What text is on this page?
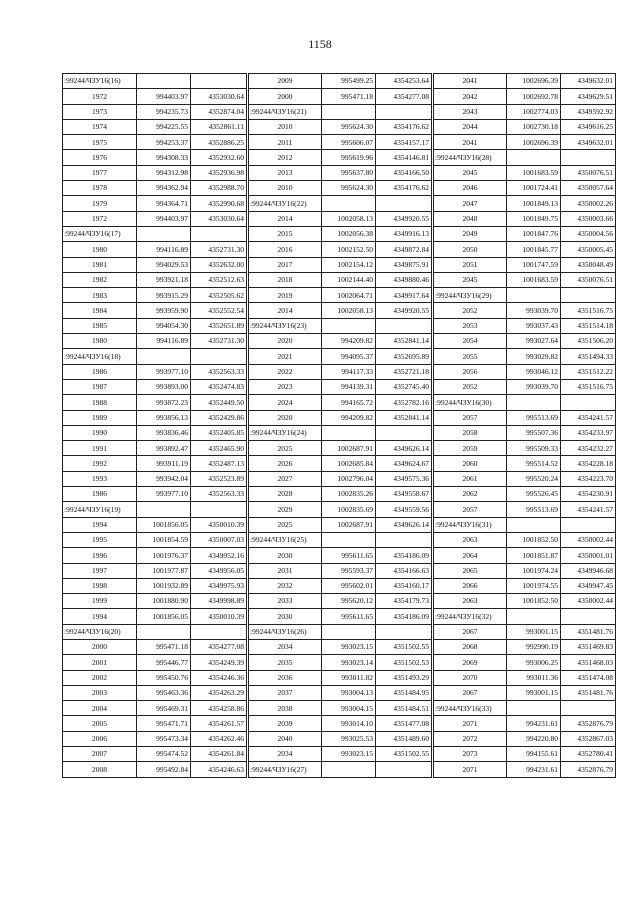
1158
:99244/ЧЗУ16(16)			2009	995499.25	4354253.64	2041	1002696.39	4349632.01
1972	994403.97	4353030.64	2000	995471.18	4354277.08	2042	1002692.78	4349629.51
1973	994235.73	4352874.04	:99244/ЧЗУ16(21)			2043	1002774.03	4349592.92
1974	994225.55	4352861.11	2010	995624.30	4354176.62	2044	1002730.18	4349616.25
1975	994253.37	4352886.25	2011	995606.07	4354157.17	2041	1002696.39	4349632.01
1976	994308.33	4352932.60	2012	995619.96	4354146.81	:99244/ЧЗУ16(28)		
1977	994312.98	4352936.98	2013	995637.80	4354166.50	2045	1001683.59	4350076.51
1978	994362.94	4352988.70	2010	995624.30	4354176.62	2046	1001724.41	4350057.64
1979	994364.71	4352990.68	:99244/ЧЗУ16(22)			2047	1001849.13	4350002.26
1972	994403.97	4353030.64	2014	1002058.13	4349920.55	2048	1001849.75	4350003.66
:99244/ЧЗУ16(17)			2015	1002056.38	4349916.13	2049	1001847.76	4350004.56
1980	994116.89	4352731.30	2016	1002152.50	4349872.84	2050	1001845.77	4350005.45
1981	994029.53	4352632.00	2017	1002154.12	4349875.91	2051	1001747.59	4350048.49
1982	993921.18	4352512.63	2018	1002144.40	4349880.46	2045	1001683.59	4350076.51
1983	993915.29	4352505.62	2019	1002064.71	4349917.64	:99244/ЧЗУ16(29)		
1984	993959.90	4352552.54	2014	1002058.13	4349920.55	2052	993039.70	4351516.75
1985	994054.30	4352651.89	:99244/ЧЗУ16(23)			2053	993037.43	4351514.18
1980	994116.89	4352731.30	2020	994209.82	4352841.14	2054	993027.64	4351506.20
:99244/ЧЗУ16(18)			2021	994095.37	4352695.89	2055	993029.82	4351494.33
1986	993977.10	4352563.33	2022	994117.33	4352721.18	2056	993046.12	4351512.22
1987	993893.00	4352474.83	2023	994139.31	4352745.40	2052	993039.70	4351516.75
1988	993872.23	4352449.50	2024	994165.72	4352782.16	:99244/ЧЗУ16(30)		
1989	993856.13	4352429.86	2020	994209.82	4352841.14	2057	995513.69	4354241.57
1990	993836.46	4352405.85	:99244/ЧЗУ16(24)			2058	995507.36	4354233.97
1991	993892.47	4352465.90	2025	1002687.91	4349626.14	2059	995509.33	4354232.27
1992	993911.19	4352487.13	2026	1002685.84	4349624.67	2060	995514.52	4354228.18
1993	993942.04	4352523.89	2027	1002796.04	4349575.36	2061	995520.24	4354223.70
1986	993977.10	4352563.33	2028	1002835.26	4349558.67	2062	995526.45	4354230.91
:99244/ЧЗУ16(19)			2029	1002835.69	4349559.56	2057	995513.69	4354241.57
1994	1001856.05	4350010.39	2025	1002687.91	4349626.14	:99244/ЧЗУ16(31)		
1995	1001854.59	4350007.03	:99244/ЧЗУ16(25)			2063	1001852.50	4350002.44
1996	1001976.37	4349952.16	2030	995611.65	4354186.09	2064	1001851.87	4350001.01
1997	1001977.87	4349956.05	2031	995593.37	4354166.63	2065	1001974.24	4349946.68
1998	1001932.89	4349975.93	2032	995602.01	4354160.17	2066	1001974.55	4349947.45
1999	1001880.90	4349998.89	2033	995620.12	4354179.73	2063	1001852.50	4350002.44
1994	1001856.05	4350010.39	2030	995611.65	4354186.09	:99244/ЧЗУ16(32)		
:99244/ЧЗУ16(20)			:99244/ЧЗУ16(26)			2067	993001.15	4351481.76
2000	995471.18	4354277.08	2034	993023.15	4351502.55	2068	992990.19	4351469.83
2001	995446.77	4354249.39	2035	993023.14	4351502.53	2069	993006.25	4351468.03
2002	995450.76	4354246.36	2036	993011.82	4351493.29	2070	993011.36	4351474.08
2003	995463.36	4354263.29	2037	993004.13	4351484.95	2067	993001.15	4351481.76
2004	995469.31	4354258.86	2038	993004.15	4351484.51	:99244/ЧЗУ16(33)		
2005	995471.71	4354261.57	2039	993014.10	4351477.08	2071	994231.61	4352876.79
2006	995473.34	4354262.46	2040	993025.53	4351489.60	2072	994220.80	4352867.03
2007	995474.52	4354261.84	2034	993023.15	4351502.55	2073	994155.61	4352780.41
2008	995492.84	4354246.63	:99244/ЧЗУ16(27)			2071	994231.61	4352876.79
